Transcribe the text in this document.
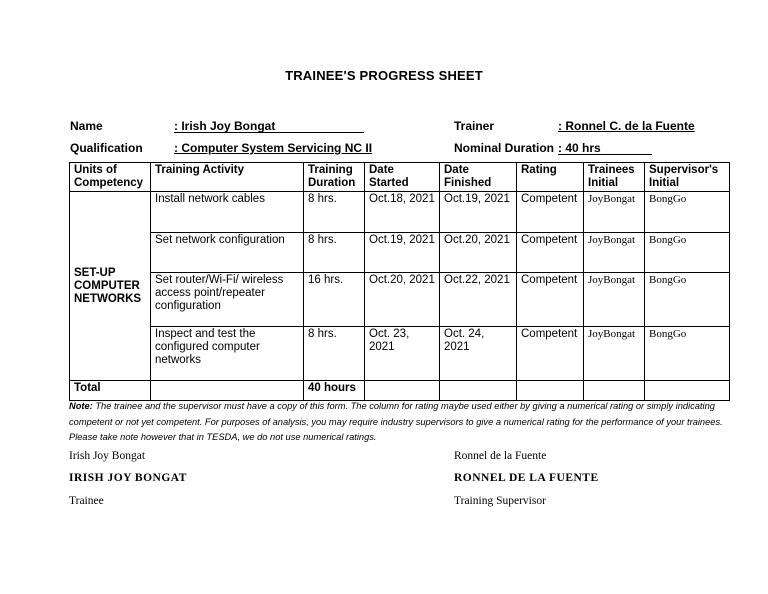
TRAINEE'S PROGRESS SHEET
Name	: Irish Joy Bongat
Qualification	: Computer System Servicing NC II
Trainer	: Ronnel C. de la Fuente
Nominal Duration : 40 hrs
Units of Competency	Training Activity	Training Duration	Date Started	Date Finished	Rating	Trainees Initial	Supervisor's Initial
SET-UP COMPUTER NETWORKS	Install network cables	8 hrs.	Oct.18, 2021	Oct.19, 2021	Competent	JoyBongat	BongGo
	Set network configuration	8 hrs.	Oct.19, 2021	Oct.20, 2021	Competent	JoyBongat	BongGo
	Set router/Wi-Fi/ wireless access point/repeater configuration	16 hrs.	Oct.20, 2021	Oct.22, 2021	Competent	JoyBongat	BongGo
	Inspect and test the configured computer networks	8 hrs.	Oct. 23, 2021	Oct. 24, 2021	Competent	JoyBongat	BongGo
Total		40 hours					
Note: The trainee and the supervisor must have a copy of this form. The column for rating maybe used either by giving a numerical rating or simply indicating competent or not yet competent. For purposes of analysis, you may require industry supervisors to give a numerical rating for the performance of your trainees. Please take note however that in TESDA, we do not use numerical ratings.
Irish Joy Bongat
IRISH JOY BONGAT
Trainee
Ronnel de la Fuente
RONNEL DE LA FUENTE
Training Supervisor
